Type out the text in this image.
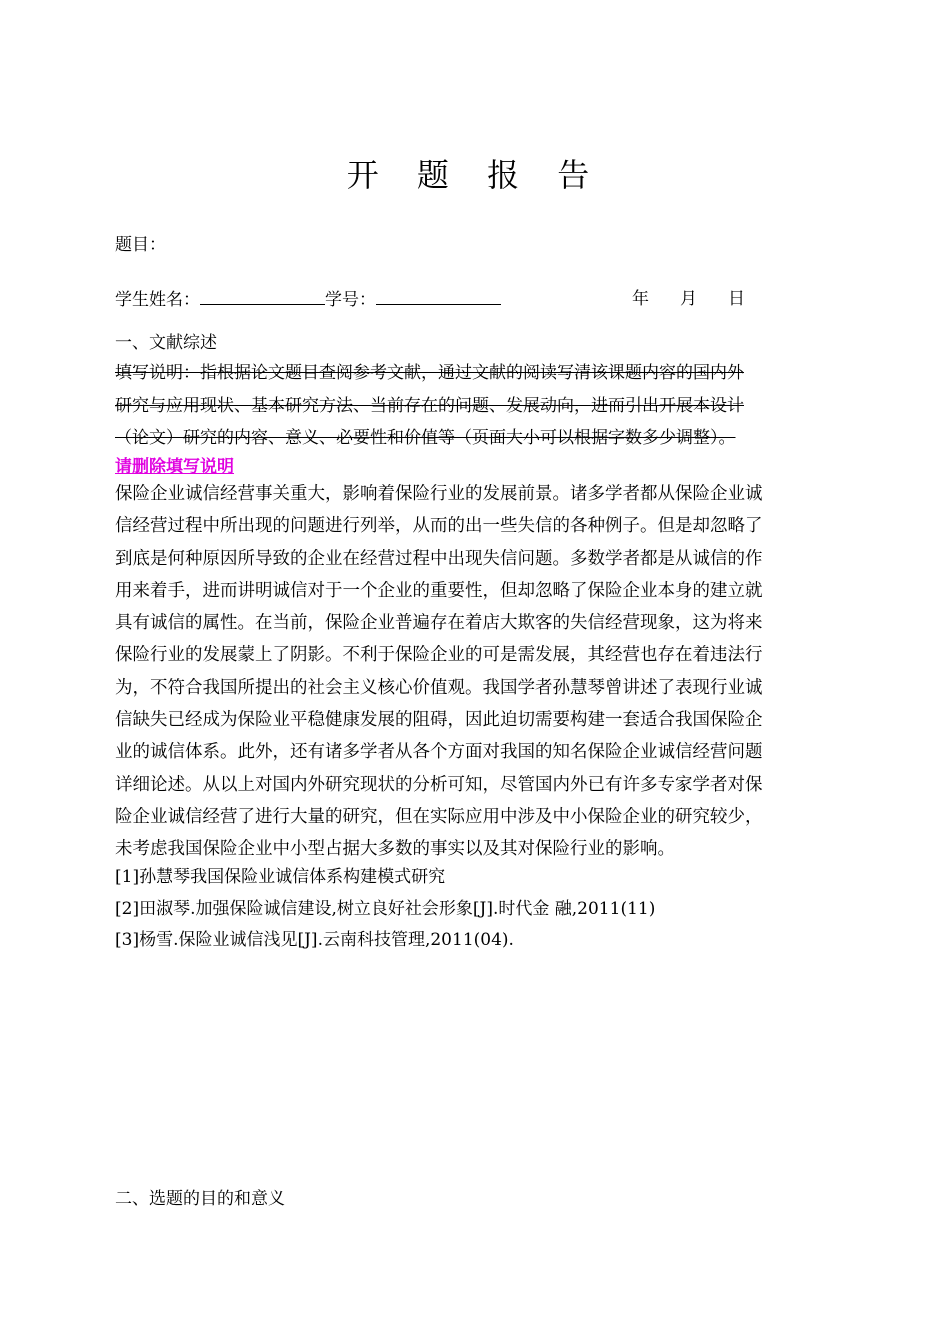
开 题 报 告
题目：
学生姓名：	学号：	年 月 日
一、文献综述
填写说明：指根据论文题目查阅参考文献，通过文献的阅读写清该课题内容的国内外
研究与应用现状、基本研究方法、当前存在的问题、发展动向，进而引出开展本设计
（论文）研究的内容、意义、必要性和价值等（页面大小可以根据字数多少调整）。
请删除填写说明
保险企业诚信经营事关重大，影响着保险行业的发展前景。诸多学者都从保险企业诚
信经营过程中所出现的问题进行列举，从而的出一些失信的各种例子。但是却忽略了
到底是何种原因所导致的企业在经营过程中出现失信问题。多数学者都是从诚信的作
用来着手，进而讲明诚信对于一个企业的重要性，但却忽略了保险企业本身的建立就
具有诚信的属性。在当前，保险企业普遍存在着店大欺客的失信经营现象，这为将来
保险行业的发展蒙上了阴影。不利于保险企业的可是需发展，其经营也存在着违法行
为，不符合我国所提出的社会主义核心价值观。我国学者孙慧琴曾讲述了表现行业诚
信缺失已经成为保险业平稳健康发展的阻碍，因此迫切需要构建一套适合我国保险企
业的诚信体系。此外，还有诸多学者从各个方面对我国的知名保险企业诚信经营问题
详细论述。从以上对国内外研究现状的分析可知，尽管国内外已有许多专家学者对保
险企业诚信经营了进行大量的研究，但在实际应用中涉及中小保险企业的研究较少，
未考虑我国保险企业中小型占据大多数的事实以及其对保险行业的影响。
[1]孙慧琴我国保险业诚信体系构建模式研究
[2]田淑琴.加强保险诚信建设,树立良好社会形象[J].时代金 融,2011(11)
[3]杨雪.保险业诚信浅见[J].云南科技管理,2011(04).
二、选题的目的和意义
